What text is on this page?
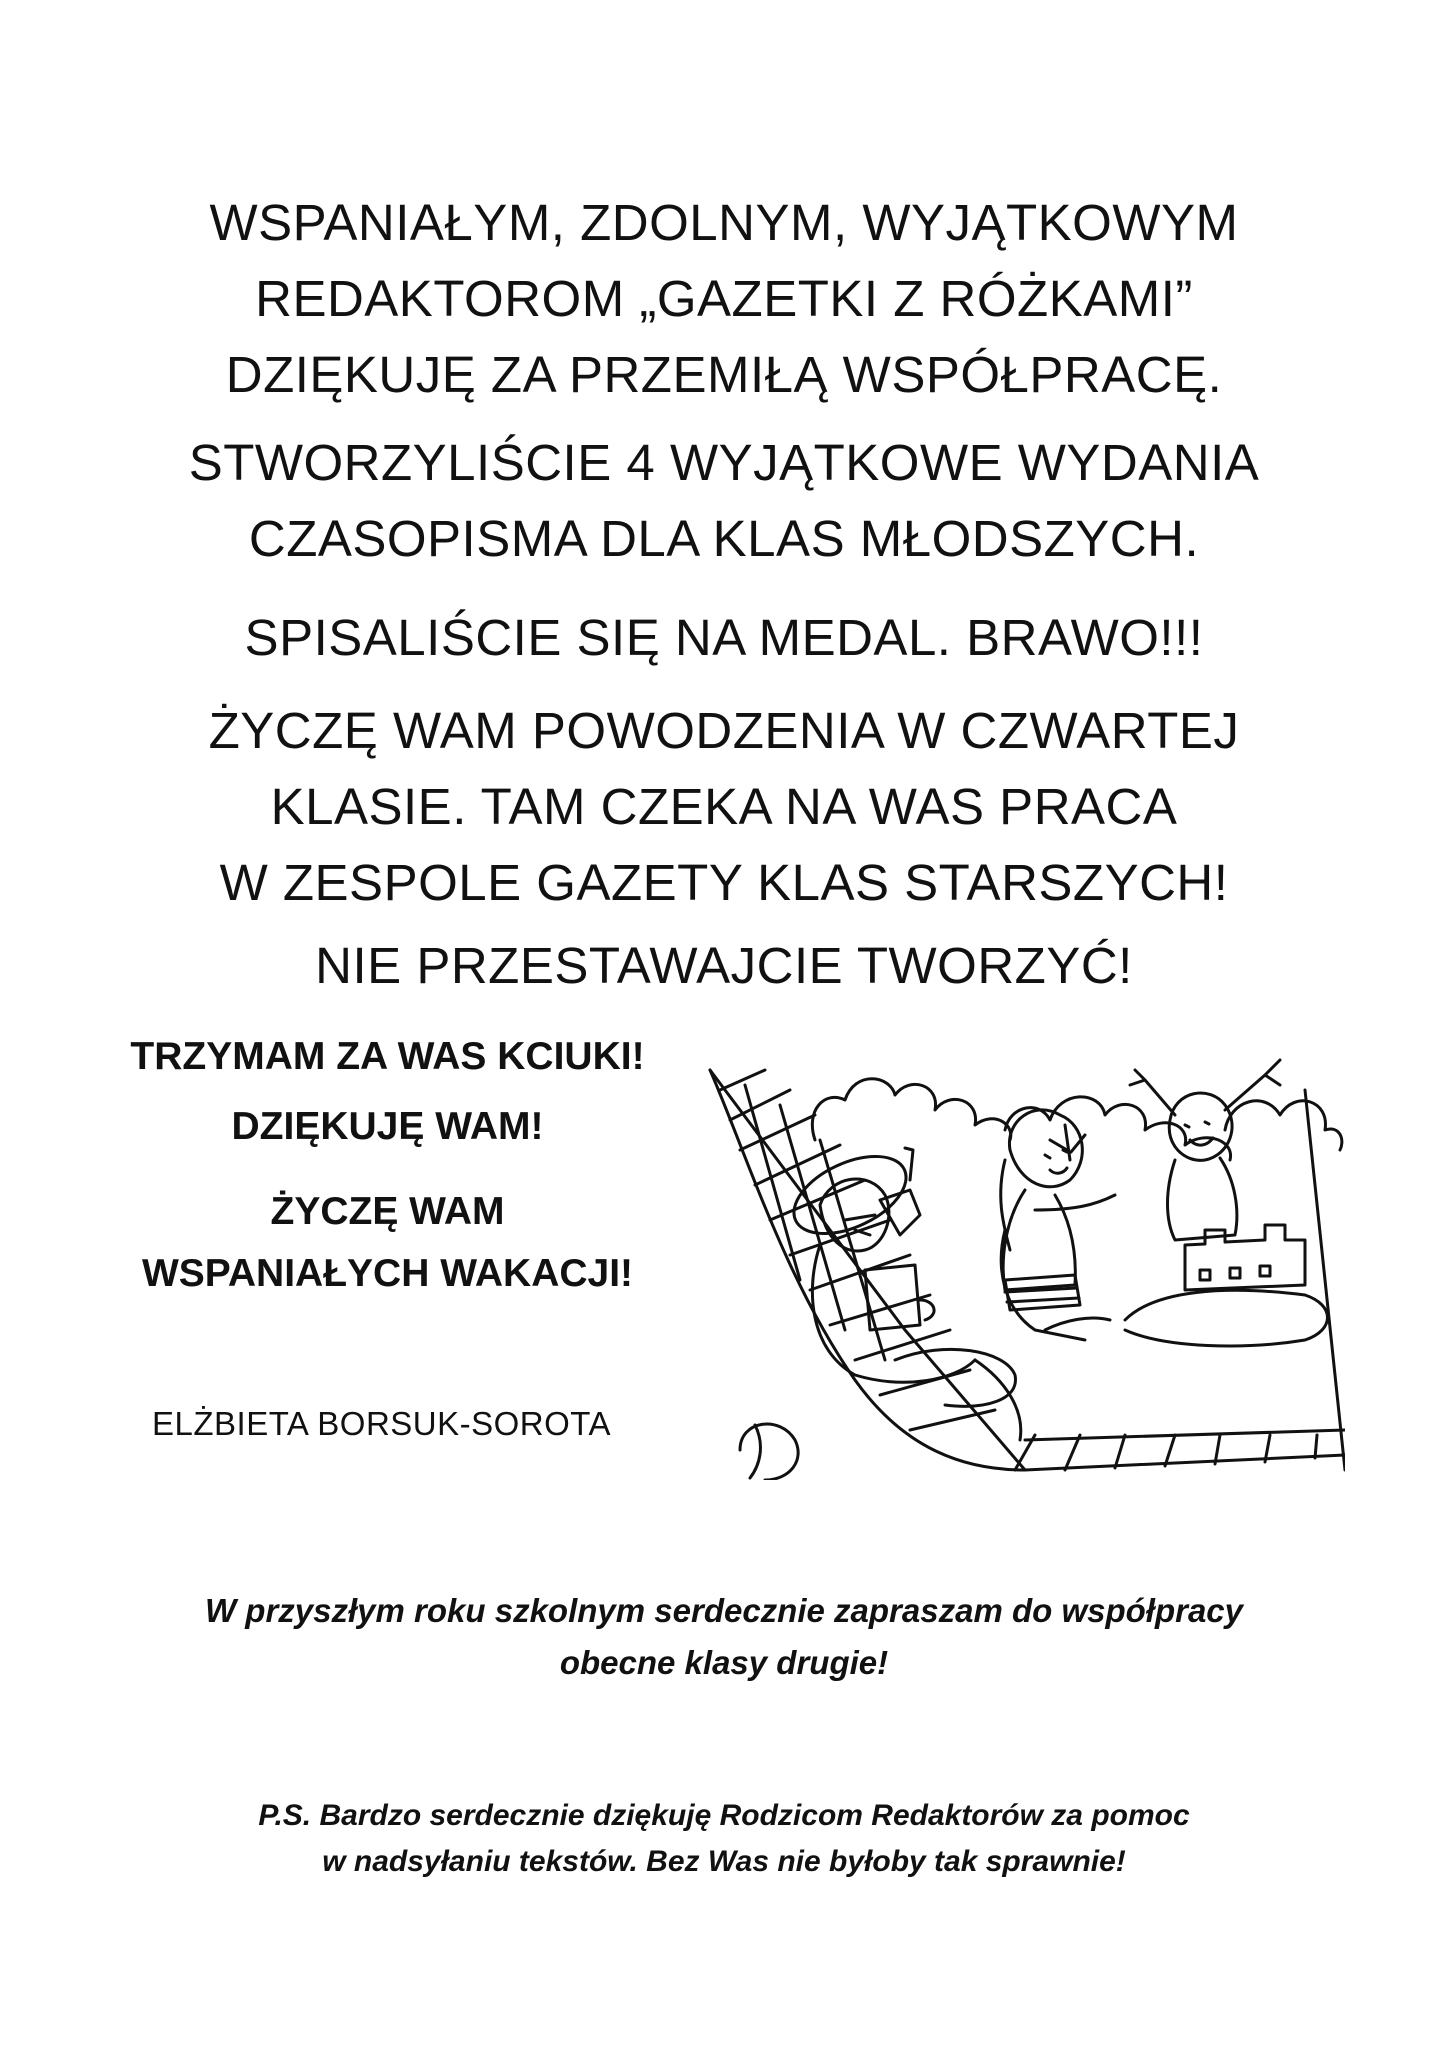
WSPANIAŁYM, ZDOLNYM, WYJĄTKOWYM
REDAKTOROM „GAZETKI Z RÓŻKAMI”
DZIĘKUJĘ ZA PRZEMIŁĄ WSPÓŁPRACĘ.
STWORZYLIŚCIE 4 WYJĄTKOWE WYDANIA
CZASOPISMA DLA KLAS MŁODSZYCH.
SPISALIŚCIE SIĘ NA MEDAL. BRAWO!!!
ŻYCZĘ WAM POWODZENIA W CZWARTEJ
KLASIE. TAM CZEKA NA WAS PRACA
W ZESPOLE GAZETY KLAS STARSZYCH!
NIE PRZESTAWAJCIE TWORZYĆ!
TRZYMAM ZA WAS KCIUKI!
DZIĘKUJĘ WAM!
ŻYCZĘ WAM
WSPANIAŁYCH WAKACJI!
ELŻBIETA BORSUK-SOROTA
W przyszłym roku szkolnym serdecznie zapraszam do współpracy
obecne klasy drugie!
P.S. Bardzo serdecznie dziękuję Rodzicom Redaktorów za pomoc
w nadsyłaniu tekstów. Bez Was nie byłoby tak sprawnie!
